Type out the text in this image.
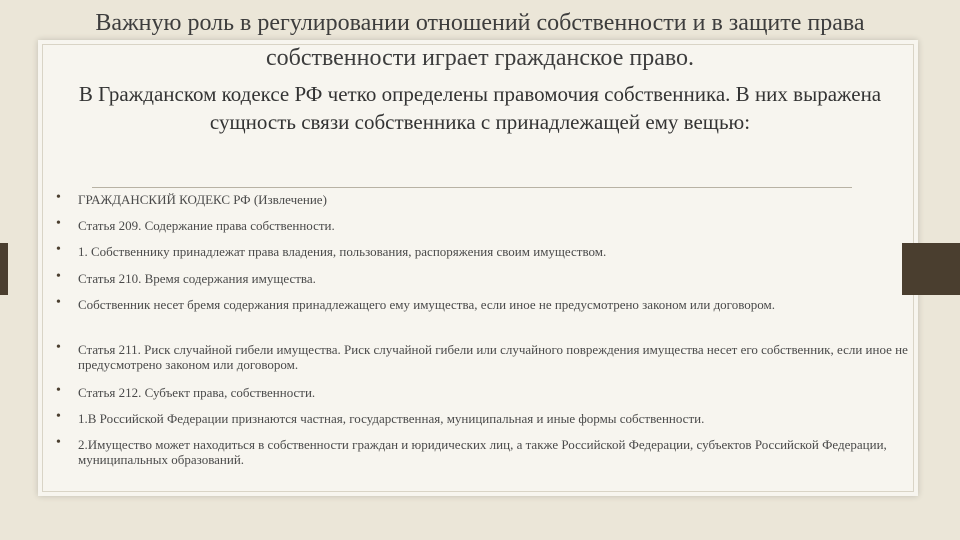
Важную роль в регулировании отношений собственности и в защите права собственности играет гражданское право.
В Гражданском кодексе РФ четко определены правомочия собственника. В них выражена сущность связи собственника с принадлежащей ему вещью:
• ГРАЖДАНСКИЙ КОДЕКС РФ (Извлечение)
• Статья 209. Содержание права собственности.
• 1. Собственнику принадлежат права владения, пользования, распоряжения своим имуществом.
• Статья 210. Время содержания имущества.
• Собственник несет бремя содержания принадлежащего ему имущества, если иное не предусмотрено законом или договором.
• Статья 211. Риск случайной гибели имущества. Риск случайной гибели или случайного повреждения имущества несет его собственник, если иное не предусмотрено законом или договором.
• Статья 212. Субъект права, собственности.
• 1.В Российской Федерации признаются частная, государственная, муниципальная и иные формы собственности.
• 2.Имущество может находиться в собственности граждан и юридических лиц, а также Российской Федерации, субъектов Российской Федерации, муниципальных образований.
